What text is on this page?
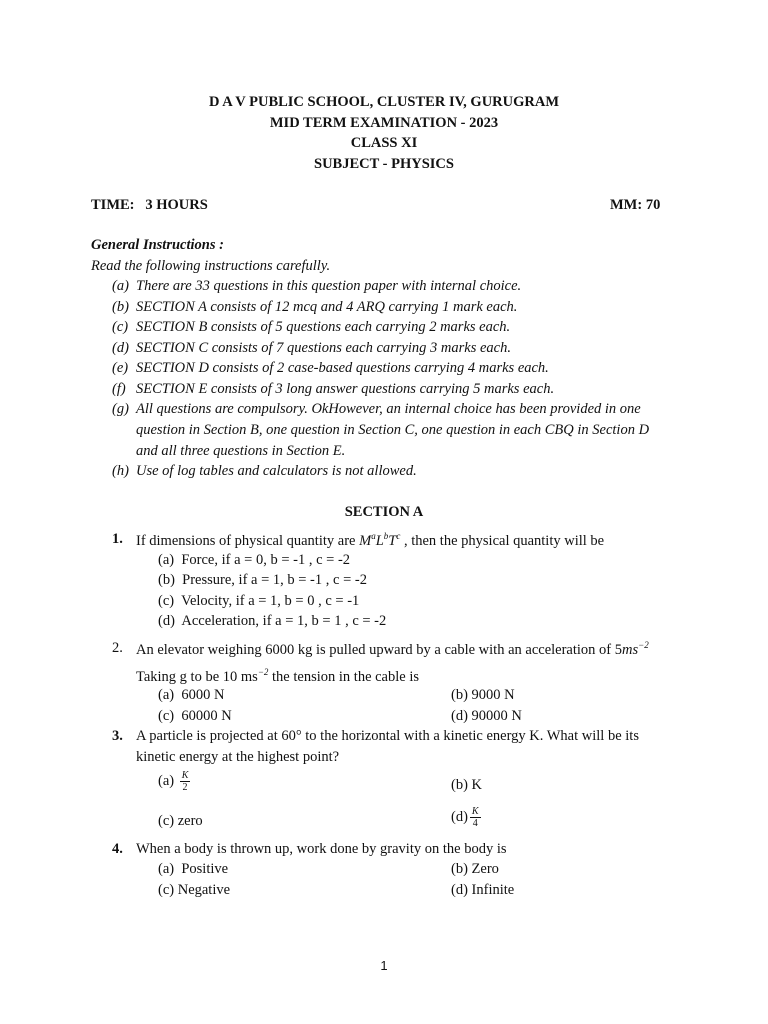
D A V PUBLIC SCHOOL, CLUSTER IV, GURUGRAM
MID TERM EXAMINATION - 2023
CLASS XI
SUBJECT - PHYSICS
TIME:   3 HOURS	MM: 70
General Instructions :
Read the following instructions carefully.
(a) There are 33 questions in this question paper with internal choice.
(b) SECTION A consists of 12 mcq and 4 ARQ carrying 1 mark each.
(c) SECTION B consists of 5 questions each carrying 2 marks each.
(d) SECTION C consists of 7 questions each carrying 3 marks each.
(e) SECTION D consists of 2 case-based questions carrying 4 marks each.
(f) SECTION E consists of 3 long answer questions carrying 5 marks each.
(g) All questions are compulsory. OkHowever, an internal choice has been provided in one
question in Section B, one question in Section C, one question in each CBQ in Section D
and all three questions in Section E.
(h) Use of log tables and calculators is not allowed.
SECTION A
1. If dimensions of physical quantity are $M^aL^bT^c$ , then the physical quantity will be
(a)  Force, if a = 0, b = -1 , c = -2
(b)  Pressure, if a = 1, b = -1 , c = -2
(c)  Velocity, if a = 1, b = 0 , c = -1
(d)  Acceleration, if a = 1, b = 1 , c = -2
2. An elevator weighing 6000 kg is pulled upward by a cable with an acceleration of $5ms^{-2}$
Taking g to be 10 $ms^{-2}$ the tension in the cable is
(a)  6000 N	(b) 9000 N
(c)  60000 N	(d) 90000 N
3. A particle is projected at 60° to the horizontal with a kinetic energy K. What will be its
kinetic energy at the highest point?
$(a) \frac{K}{2}$	(b) K
(c) zero	$(d) \frac{K}{4}$
4. When a body is thrown up, work done by gravity on the body is
(a)  Positive	(b) Zero
(c) Negative	(d) Infinite
1
